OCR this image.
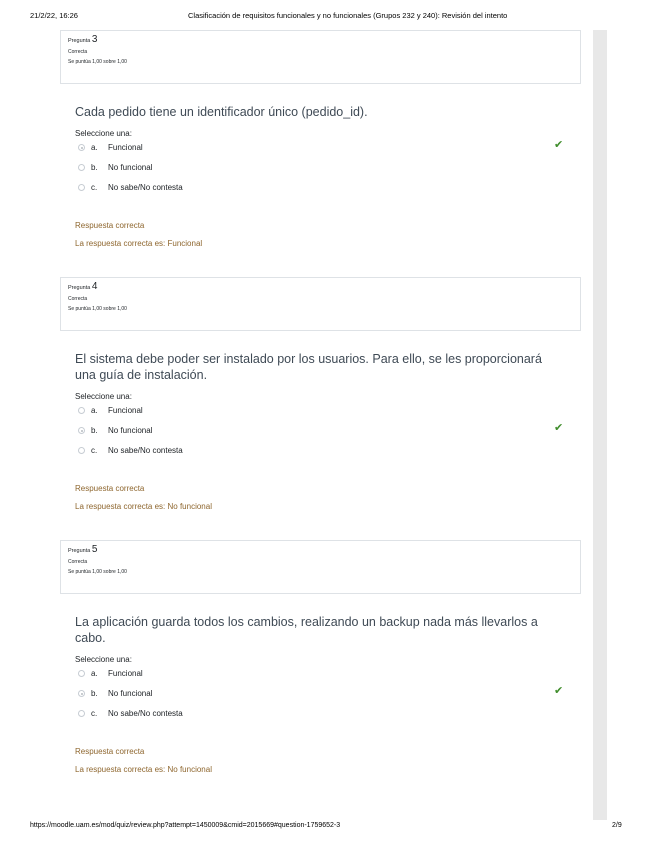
21/2/22, 16:26	Clasificación de requisitos funcionales y no funcionales (Grupos 232 y 240): Revisión del intento
Pregunta 3
Correcta
Se puntúa 1,00 sobre 1,00
Cada pedido tiene un identificador único (pedido_id).
Seleccione una:
a. Funcional	✔
b. No funcional
c. No sabe/No contesta
Respuesta correcta
La respuesta correcta es: Funcional
Pregunta 4
Correcta
Se puntúa 1,00 sobre 1,00
El sistema debe poder ser instalado por los usuarios. Para ello, se les proporcionará una guía de instalación.
Seleccione una:
a. Funcional
b. No funcional	✔
c. No sabe/No contesta
Respuesta correcta
La respuesta correcta es: No funcional
Pregunta 5
Correcta
Se puntúa 1,00 sobre 1,00
La aplicación guarda todos los cambios, realizando un backup nada más llevarlos a cabo.
Seleccione una:
a. Funcional
b. No funcional	✔
c. No sabe/No contesta
Respuesta correcta
La respuesta correcta es: No funcional
https://moodle.uam.es/mod/quiz/review.php?attempt=1450009&cmid=2015669#question-1759652-3	2/9
